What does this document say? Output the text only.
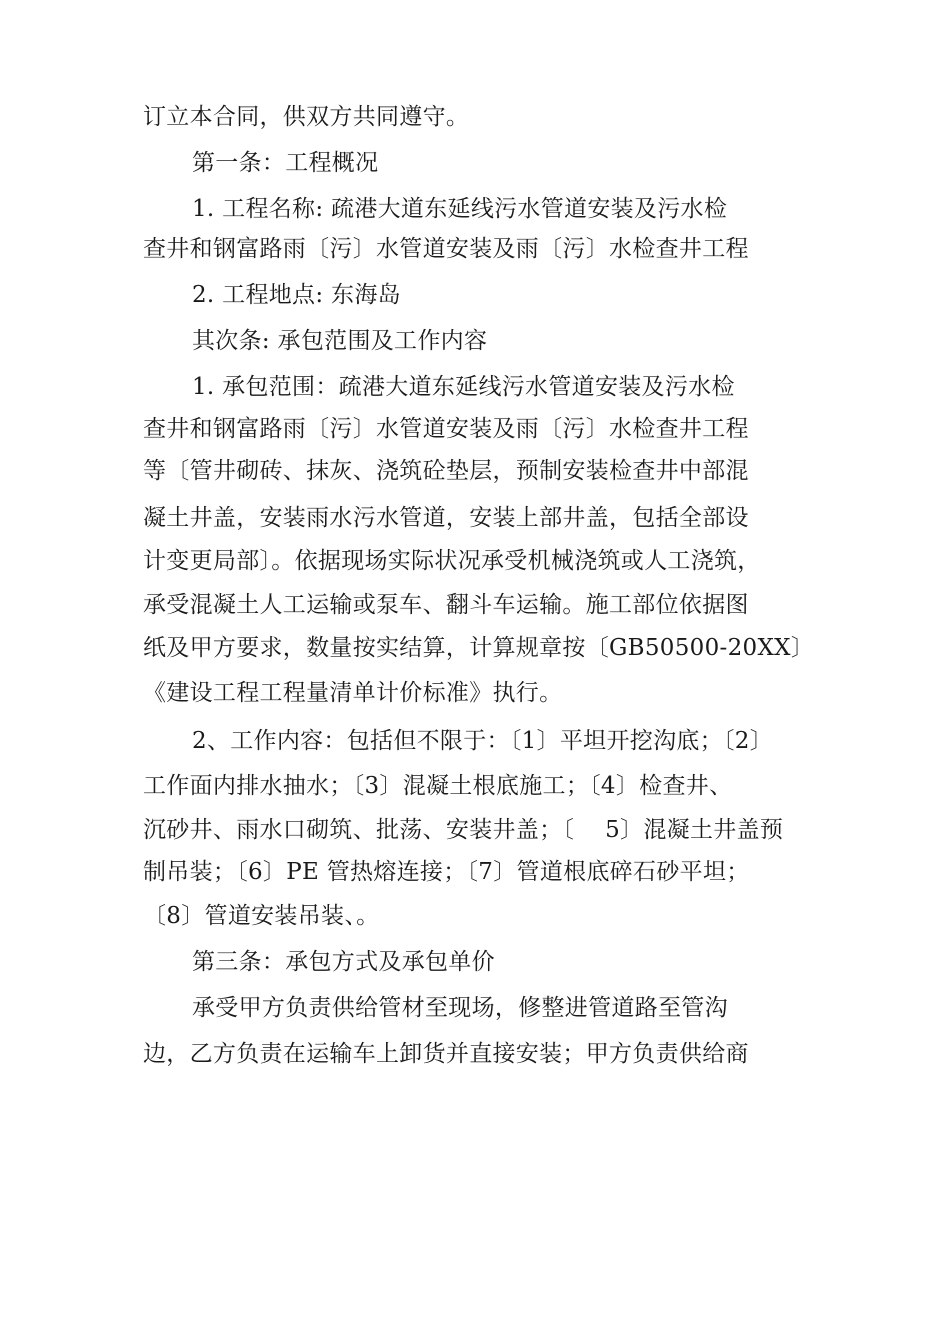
订立本合同，供双方共同遵守。
第一条：工程概况
1. 工程名称: 疏港大道东延线污水管道安装及污水检
查井和钢富路雨〔污〕水管道安装及雨〔污〕水检查井工程
2. 工程地点: 东海岛
其次条: 承包范围及工作内容
1. 承包范围：疏港大道东延线污水管道安装及污水检
查井和钢富路雨〔污〕水管道安装及雨〔污〕水检查井工程
等〔管井砌砖、抹灰、浇筑砼垫层，预制安装检查井中部混
凝土井盖，安装雨水污水管道，安装上部井盖，包括全部设
计变更局部〕。依据现场实际状况承受机械浇筑或人工浇筑，
承受混凝土人工运输或泵车、翻斗车运输。施工部位依据图
纸及甲方要求，数量按实结算，计算规章按〔GB50500-20XX〕
《建设工程工程量清单计价标准》执行。
2、工作内容：包括但不限于：〔1〕平坦开挖沟底；〔2〕
工作面内排水抽水；〔3〕混凝土根底施工；〔4〕检查井、
沉砂井、雨水口砌筑、批荡、安装井盖；〔　 5〕混凝土井盖预
制吊装；〔6〕PE 管热熔连接；〔7〕管道根底碎石砂平坦；
〔8〕管道安装吊装、。
第三条：承包方式及承包单价
承受甲方负责供给管材至现场，修整进管道路至管沟
边，乙方负责在运输车上卸货并直接安装；甲方负责供给商
